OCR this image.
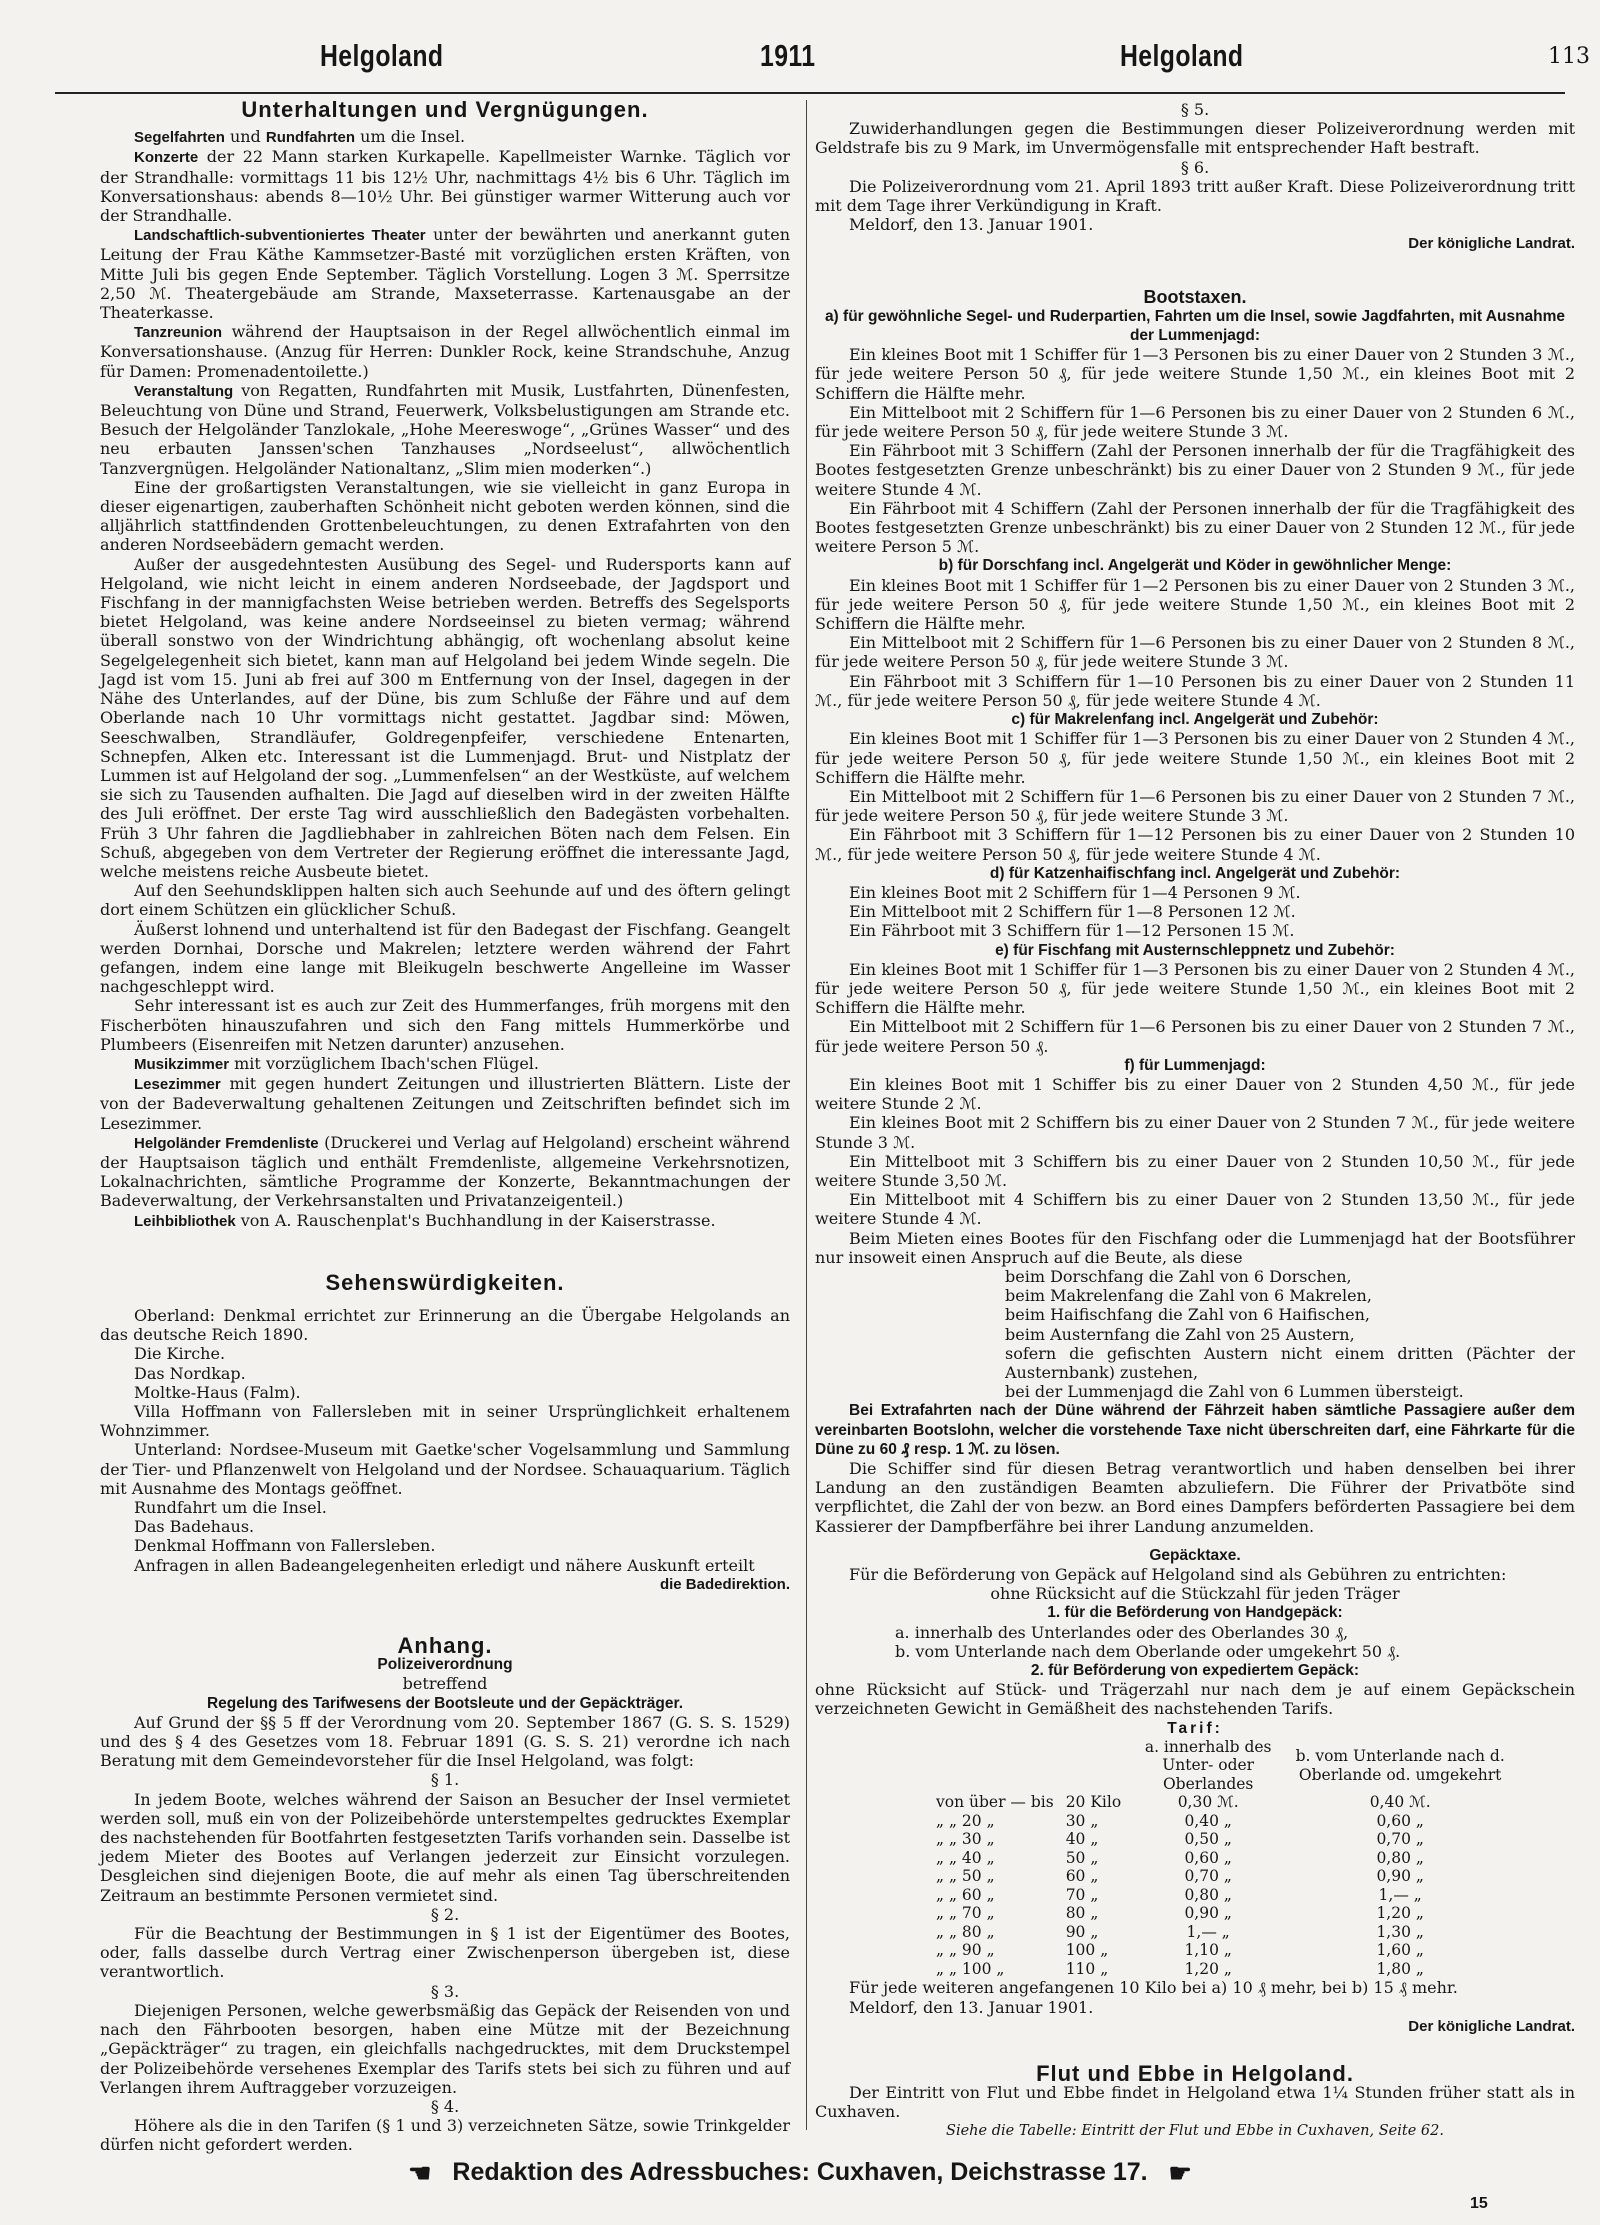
Helgoland	1911	Helgoland	113

Unterhaltungen und Vergnügungen.

Segelfahrten und Rundfahrten um die Insel.

Konzerte der 22 Mann starken Kurkapelle. Kapellmeister Warnke. Täglich vor der Strandhalle: vormittags 11 bis 12½ Uhr, nachmittags 4½ bis 6 Uhr. Täglich im Konversationshaus: abends 8—10½ Uhr. Bei günstiger warmer Witterung auch vor der Strandhalle.

Landschaftlich-subventioniertes Theater unter der bewährten und anerkannt guten Leitung der Frau Käthe Kammsetzer-Basté mit vorzüglichen ersten Kräften, von Mitte Juli bis gegen Ende September. Täglich Vorstellung. Logen 3 ℳ. Sperrsitze 2,50 ℳ. Theatergebäude am Strande, Maxseterrasse. Kartenausgabe an der Theaterkasse.

Tanzreunion während der Hauptsaison in der Regel allwöchentlich einmal im Konversationshause. (Anzug für Herren: Dunkler Rock, keine Strandschuhe, Anzug für Damen: Promenadentoilette.)

Veranstaltung von Regatten, Rundfahrten mit Musik, Lustfahrten, Dünenfesten, Beleuchtung von Düne und Strand, Feuerwerk, Volksbelustigungen am Strande etc. Besuch der Helgoländer Tanzlokale, „Hohe Meereswoge“, „Grünes Wasser“ und des neu erbauten Janssen'schen Tanzhauses „Nordseelust“, allwöchentlich Tanzvergnügen. Helgoländer Nationaltanz, „Slim mien moderken“.)

Eine der großartigsten Veranstaltungen, wie sie vielleicht in ganz Europa in dieser eigenartigen, zauberhaften Schönheit nicht geboten werden können, sind die alljährlich stattfindenden Grottenbeleuchtungen, zu denen Extrafahrten von den anderen Nordseebädern gemacht werden.

Außer der ausgedehntesten Ausübung des Segel- und Rudersports kann auf Helgoland, wie nicht leicht in einem anderen Nordseebade, der Jagdsport und Fischfang in der mannigfachsten Weise betrieben werden. Betreffs des Segelsports bietet Helgoland, was keine andere Nordseeinsel zu bieten vermag; während überall sonstwo von der Windrichtung abhängig, oft wochenlang absolut keine Segelgelegenheit sich bietet, kann man auf Helgoland bei jedem Winde segeln. Die Jagd ist vom 15. Juni ab frei auf 300 m Entfernung von der Insel, dagegen in der Nähe des Unterlandes, auf der Düne, bis zum Schluße der Fähre und auf dem Oberlande nach 10 Uhr vormittags nicht gestattet. Jagdbar sind: Möwen, Seeschwalben, Strandläufer, Goldregenpfeifer, verschiedene Entenarten, Schnepfen, Alken etc. Interessant ist die Lummenjagd. Brut- und Nistplatz der Lummen ist auf Helgoland der sog. „Lummenfelsen“ an der Westküste, auf welchem sie sich zu Tausenden aufhalten. Die Jagd auf dieselben wird in der zweiten Hälfte des Juli eröffnet. Der erste Tag wird ausschließlich den Badegästen vorbehalten. Früh 3 Uhr fahren die Jagdliebhaber in zahlreichen Böten nach dem Felsen. Ein Schuß, abgegeben von dem Vertreter der Regierung eröffnet die interessante Jagd, welche meistens reiche Ausbeute bietet.

Auf den Seehundsklippen halten sich auch Seehunde auf und des öftern gelingt dort einem Schützen ein glücklicher Schuß.

Äußerst lohnend und unterhaltend ist für den Badegast der Fischfang. Geangelt werden Dornhai, Dorsche und Makrelen; letztere werden während der Fahrt gefangen, indem eine lange mit Bleikugeln beschwerte Angelleine im Wasser nachgeschleppt wird.

Sehr interessant ist es auch zur Zeit des Hummerfanges, früh morgens mit den Fischerböten hinauszufahren und sich den Fang mittels Hummerkörbe und Plumbeers (Eisenreifen mit Netzen darunter) anzusehen.

Musikzimmer mit vorzüglichem Ibach'schen Flügel.

Lesezimmer mit gegen hundert Zeitungen und illustrierten Blättern. Liste der von der Badeverwaltung gehaltenen Zeitungen und Zeitschriften befindet sich im Lesezimmer.

Helgoländer Fremdenliste (Druckerei und Verlag auf Helgoland) erscheint während der Hauptsaison täglich und enthält Fremdenliste, allgemeine Verkehrsnotizen, Lokalnachrichten, sämtliche Programme der Konzerte, Bekanntmachungen der Badeverwaltung, der Verkehrsanstalten und Privatanzeigenteil.)

Leihbibliothek von A. Rauschenplat's Buchhandlung in der Kaiserstrasse.

Sehenswürdigkeiten.

Oberland: Denkmal errichtet zur Erinnerung an die Übergabe Helgolands an das deutsche Reich 1890.

Die Kirche.

Das Nordkap.

Moltke-Haus (Falm).

Villa Hoffmann von Fallersleben mit in seiner Ursprünglichkeit erhaltenem Wohnzimmer.

Unterland: Nordsee-Museum mit Gaetke'scher Vogelsammlung und Sammlung der Tier- und Pflanzenwelt von Helgoland und der Nordsee. Schauaquarium. Täglich mit Ausnahme des Montags geöffnet.

Rundfahrt um die Insel.

Das Badehaus.

Denkmal Hoffmann von Fallersleben.

Anfragen in allen Badeangelegenheiten erledigt und nähere Auskunft erteilt

die Badedirektion.

Anhang.

Polizeiverordnung

betreffend

Regelung des Tarifwesens der Bootsleute und der Gepäckträger.

Auf Grund der §§ 5 ff der Verordnung vom 20. September 1867 (G. S. S. 1529) und des § 4 des Gesetzes vom 18. Februar 1891 (G. S. S. 21) verordne ich nach Beratung mit dem Gemeindevorsteher für die Insel Helgoland, was folgt:

§ 1.

In jedem Boote, welches während der Saison an Besucher der Insel vermietet werden soll, muß ein von der Polizeibehörde unterstempeltes gedrucktes Exemplar des nachstehenden für Bootfahrten festgesetzten Tarifs vorhanden sein. Dasselbe ist jedem Mieter des Bootes auf Verlangen jederzeit zur Einsicht vorzulegen. Desgleichen sind diejenigen Boote, die auf mehr als einen Tag überschreitenden Zeitraum an bestimmte Personen vermietet sind.

§ 2.

Für die Beachtung der Bestimmungen in § 1 ist der Eigentümer des Bootes, oder, falls dasselbe durch Vertrag einer Zwischenperson übergeben ist, diese verantwortlich.

§ 3.

Diejenigen Personen, welche gewerbsmäßig das Gepäck der Reisenden von und nach den Fährbooten besorgen, haben eine Mütze mit der Bezeichnung „Gepäckträger“ zu tragen, ein gleichfalls nachgedrucktes, mit dem Druckstempel der Polizeibehörde versehenes Exemplar des Tarifs stets bei sich zu führen und auf Verlangen ihrem Auftraggeber vorzuzeigen.

§ 4.

Höhere als die in den Tarifen (§ 1 und 3) verzeichneten Sätze, sowie Trinkgelder dürfen nicht gefordert werden.

§ 5.

Zuwiderhandlungen gegen die Bestimmungen dieser Polizeiverordnung werden mit Geldstrafe bis zu 9 Mark, im Unvermögensfalle mit entsprechender Haft bestraft.

§ 6.

Die Polizeiverordnung vom 21. April 1893 tritt außer Kraft. Diese Polizeiverordnung tritt mit dem Tage ihrer Verkündigung in Kraft.

Meldorf, den 13. Januar 1901.

Der königliche Landrat.

Bootstaxen.

a) für gewöhnliche Segel- und Ruderpartien, Fahrten um die Insel, sowie Jagdfahrten, mit Ausnahme der Lummenjagd:

Ein kleines Boot mit 1 Schiffer für 1—3 Personen bis zu einer Dauer von 2 Stunden 3 ℳ., für jede weitere Person 50 ₰, für jede weitere Stunde 1,50 ℳ., ein kleines Boot mit 2 Schiffern die Hälfte mehr.

Ein Mittelboot mit 2 Schiffern für 1—6 Personen bis zu einer Dauer von 2 Stunden 6 ℳ., für jede weitere Person 50 ₰, für jede weitere Stunde 3 ℳ.

Ein Fährboot mit 3 Schiffern (Zahl der Personen innerhalb der für die Tragfähigkeit des Bootes festgesetzten Grenze unbeschränkt) bis zu einer Dauer von 2 Stunden 9 ℳ., für jede weitere Stunde 4 ℳ.

Ein Fährboot mit 4 Schiffern (Zahl der Personen innerhalb der für die Tragfähigkeit des Bootes festgesetzten Grenze unbeschränkt) bis zu einer Dauer von 2 Stunden 12 ℳ., für jede weitere Person 5 ℳ.

b) für Dorschfang incl. Angelgerät und Köder in gewöhnlicher Menge:

Ein kleines Boot mit 1 Schiffer für 1—2 Personen bis zu einer Dauer von 2 Stunden 3 ℳ., für jede weitere Person 50 ₰, für jede weitere Stunde 1,50 ℳ., ein kleines Boot mit 2 Schiffern die Hälfte mehr.

Ein Mittelboot mit 2 Schiffern für 1—6 Personen bis zu einer Dauer von 2 Stunden 8 ℳ., für jede weitere Person 50 ₰, für jede weitere Stunde 3 ℳ.

Ein Fährboot mit 3 Schiffern für 1—10 Personen bis zu einer Dauer von 2 Stunden 11 ℳ., für jede weitere Person 50 ₰, für jede weitere Stunde 4 ℳ.

c) für Makrelenfang incl. Angelgerät und Zubehör:

Ein kleines Boot mit 1 Schiffer für 1—3 Personen bis zu einer Dauer von 2 Stunden 4 ℳ., für jede weitere Person 50 ₰, für jede weitere Stunde 1,50 ℳ., ein kleines Boot mit 2 Schiffern die Hälfte mehr.

Ein Mittelboot mit 2 Schiffern für 1—6 Personen bis zu einer Dauer von 2 Stunden 7 ℳ., für jede weitere Person 50 ₰, für jede weitere Stunde 3 ℳ.

Ein Fährboot mit 3 Schiffern für 1—12 Personen bis zu einer Dauer von 2 Stunden 10 ℳ., für jede weitere Person 50 ₰, für jede weitere Stunde 4 ℳ.

d) für Katzenhaifischfang incl. Angelgerät und Zubehör:

Ein kleines Boot mit 2 Schiffern für 1—4 Personen 9 ℳ.

Ein Mittelboot mit 2 Schiffern für 1—8 Personen 12 ℳ.

Ein Fährboot mit 3 Schiffern für 1—12 Personen 15 ℳ.

e) für Fischfang mit Austernschleppnetz und Zubehör:

Ein kleines Boot mit 1 Schiffer für 1—3 Personen bis zu einer Dauer von 2 Stunden 4 ℳ., für jede weitere Person 50 ₰, für jede weitere Stunde 1,50 ℳ., ein kleines Boot mit 2 Schiffern die Hälfte mehr.

Ein Mittelboot mit 2 Schiffern für 1—6 Personen bis zu einer Dauer von 2 Stunden 7 ℳ., für jede weitere Person 50 ₰.

f) für Lummenjagd:

Ein kleines Boot mit 1 Schiffer bis zu einer Dauer von 2 Stunden 4,50 ℳ., für jede weitere Stunde 2 ℳ.

Ein kleines Boot mit 2 Schiffern bis zu einer Dauer von 2 Stunden 7 ℳ., für jede weitere Stunde 3 ℳ.

Ein Mittelboot mit 3 Schiffern bis zu einer Dauer von 2 Stunden 10,50 ℳ., für jede weitere Stunde 3,50 ℳ.

Ein Mittelboot mit 4 Schiffern bis zu einer Dauer von 2 Stunden 13,50 ℳ., für jede weitere Stunde 4 ℳ.

Beim Mieten eines Bootes für den Fischfang oder die Lummenjagd hat der Bootsführer nur insoweit einen Anspruch auf die Beute, als diese

beim Dorschfang die Zahl von 6 Dorschen,

beim Makrelenfang die Zahl von 6 Makrelen,

beim Haifischfang die Zahl von 6 Haifischen,

beim Austernfang die Zahl von 25 Austern,

sofern die gefischten Austern nicht einem dritten (Pächter der Austernbank) zustehen,

bei der Lummenjagd die Zahl von 6 Lummen übersteigt.

Bei Extrafahrten nach der Düne während der Fährzeit haben sämtliche Passagiere außer dem vereinbarten Bootslohn, welcher die vorstehende Taxe nicht überschreiten darf, eine Fährkarte für die Düne zu 60 ₰ resp. 1 ℳ. zu lösen.

Die Schiffer sind für diesen Betrag verantwortlich und haben denselben bei ihrer Landung an den zuständigen Beamten abzuliefern. Die Führer der Privatböte sind verpflichtet, die Zahl der von bezw. an Bord eines Dampfers beförderten Passagiere bei dem Kassierer der Dampfberfähre bei ihrer Landung anzumelden.

Gepäcktaxe.

Für die Beförderung von Gepäck auf Helgoland sind als Gebühren zu entrichten:

ohne Rücksicht auf die Stückzahl für jeden Träger

1. für die Beförderung von Handgepäck:

a. innerhalb des Unterlandes oder des Oberlandes 30 ₰,

b. vom Unterlande nach dem Oberlande oder umgekehrt 50 ₰.

2. für Beförderung von expediertem Gepäck:

ohne Rücksicht auf Stück- und Trägerzahl nur nach dem je auf einem Gepäckschein verzeichneten Gewicht in Gemäßheit des nachstehenden Tarifs.

Tarif:

		a. innerhalb des Unter- oder Oberlandes	b. vom Unterlande nach d. Oberlande od. umgekehrt
von über — bis	20 Kilo	0,30 ℳ.	0,40 ℳ.
„ „ 20 „	30 „	0,40 „	0,60 „
„ „ 30 „	40 „	0,50 „	0,70 „
„ „ 40 „	50 „	0,60 „	0,80 „
„ „ 50 „	60 „	0,70 „	0,90 „
„ „ 60 „	70 „	0,80 „	1,— „
„ „ 70 „	80 „	0,90 „	1,20 „
„ „ 80 „	90 „	1,— „	1,30 „
„ „ 90 „	100 „	1,10 „	1,60 „
„ „ 100 „	110 „	1,20 „	1,80 „

Für jede weiteren angefangenen 10 Kilo bei a) 10 ₰ mehr, bei b) 15 ₰ mehr.

Meldorf, den 13. Januar 1901.

Der königliche Landrat.

Flut und Ebbe in Helgoland.

Der Eintritt von Flut und Ebbe findet in Helgoland etwa 1¼ Stunden früher statt als in Cuxhaven.

Siehe die Tabelle: Eintritt der Flut und Ebbe in Cuxhaven, Seite 62.

☚ Redaktion des Adressbuches: Cuxhaven, Deichstrasse 17. ☛
15
